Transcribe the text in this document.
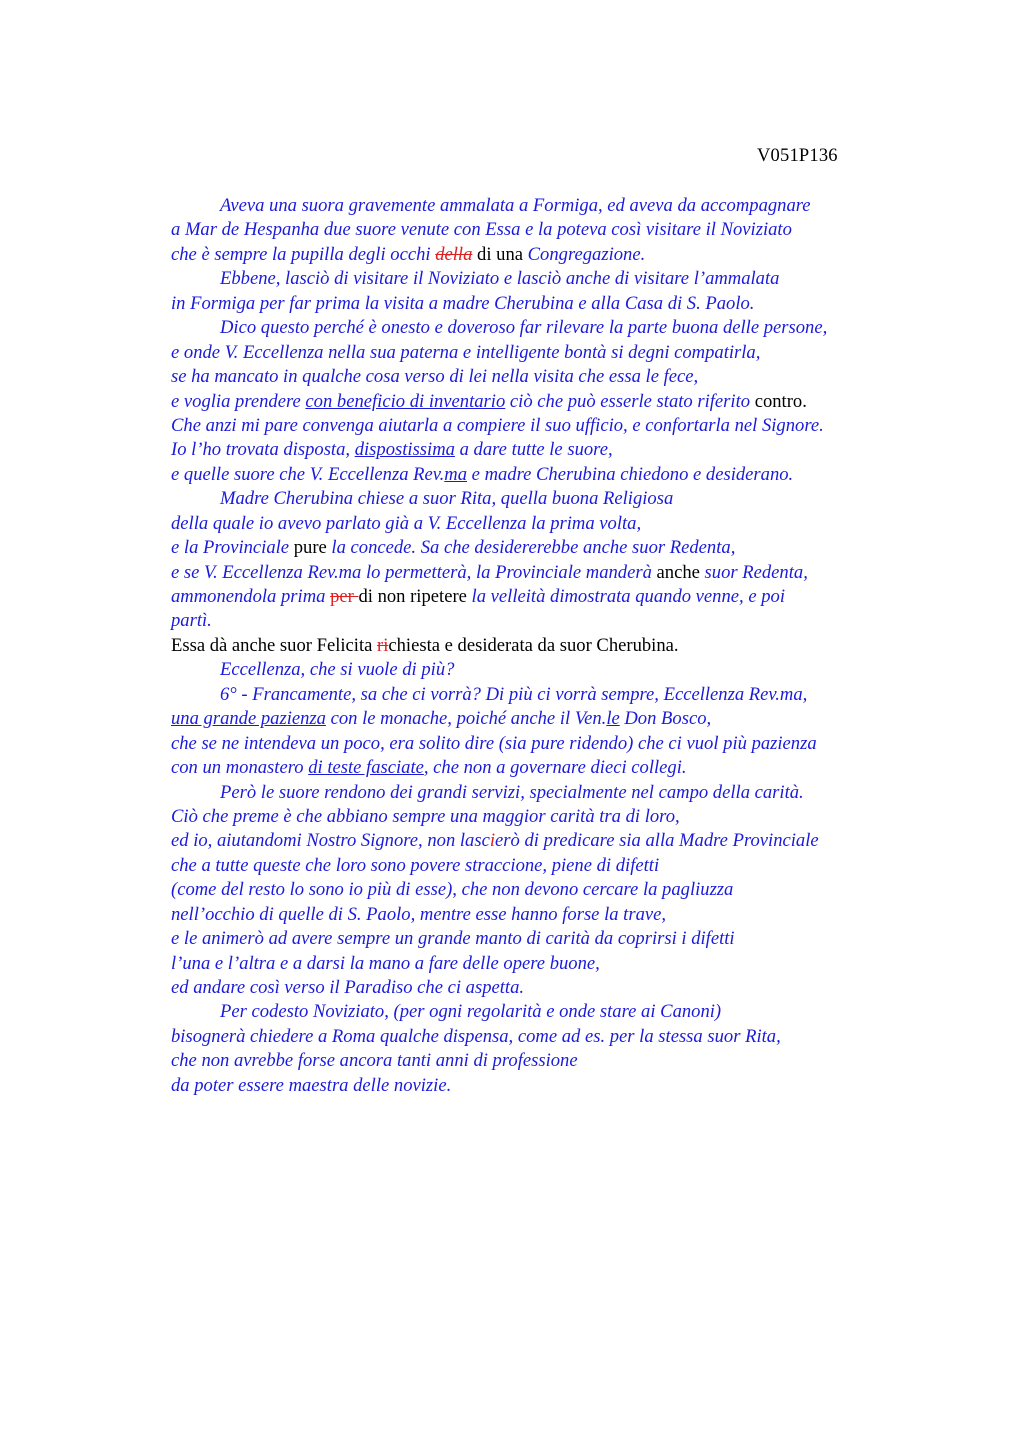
V051P136
Aveva una suora gravemente ammalata a Formiga, ed aveva da accompagnare
a Mar de Hespanha due suore venute con Essa e la poteva così visitare il Noviziato
che è sempre la pupilla degli occhi della di una Congregazione.
Ebbene, lasciò di visitare il Noviziato e lasciò anche di visitare l’ammalata
in Formiga per far prima la visita a madre Cherubina e alla Casa di S. Paolo.
Dico questo perché è onesto e doveroso far rilevare la parte buona delle persone,
e onde V. Eccellenza nella sua paterna e intelligente bontà si degni compatirla,
se ha mancato in qualche cosa verso di lei nella visita che essa le fece,
e voglia prendere con beneficio di inventario ciò che può esserle stato riferito contro.
Che anzi mi pare convenga aiutarla a compiere il suo ufficio, e confortarla nel Signore.
Io l’ho trovata disposta, dispostissima a dare tutte le suore,
e quelle suore che V. Eccellenza Rev.ma e madre Cherubina chiedono e desiderano.
Madre Cherubina chiese a suor Rita, quella buona Religiosa
della quale io avevo parlato già a V. Eccellenza la prima volta,
e la Provinciale pure la concede. Sa che desidererebbe anche suor Redenta,
e se V. Eccellenza Rev.ma lo permetterà, la Provinciale manderà anche suor Redenta,
ammonendola prima per di non ripetere la velleità dimostrata quando venne, e poi
partì.
Essa dà anche suor Felicita richiesta e desiderata da suor Cherubina.
Eccellenza, che si vuole di più?
6° - Francamente, sa che ci vorrà? Di più ci vorrà sempre, Eccellenza Rev.ma,
una grande pazienza con le monache, poiché anche il Ven.le Don Bosco,
che se ne intendeva un poco, era solito dire (sia pure ridendo) che ci vuol più pazienza
con un monastero di teste fasciate, che non a governare dieci collegi.
Però le suore rendono dei grandi servizi, specialmente nel campo della carità.
Ciò che preme è che abbiano sempre una maggior carità tra di loro,
ed io, aiutandomi Nostro Signore, non lascierò di predicare sia alla Madre Provinciale
che a tutte queste che loro sono povere straccione, piene di difetti
(come del resto lo sono io più di esse), che non devono cercare la pagliuzza
nell’occhio di quelle di S. Paolo, mentre esse hanno forse la trave,
e le animerò ad avere sempre un grande manto di carità da coprirsi i difetti
l’una e l’altra e a darsi la mano a fare delle opere buone,
ed andare così verso il Paradiso che ci aspetta.
Per codesto Noviziato, (per ogni regolarità e onde stare ai Canoni)
bisognerà chiedere a Roma qualche dispensa, come ad es. per la stessa suor Rita,
che non avrebbe forse ancora tanti anni di professione
da poter essere maestra delle novizie.
